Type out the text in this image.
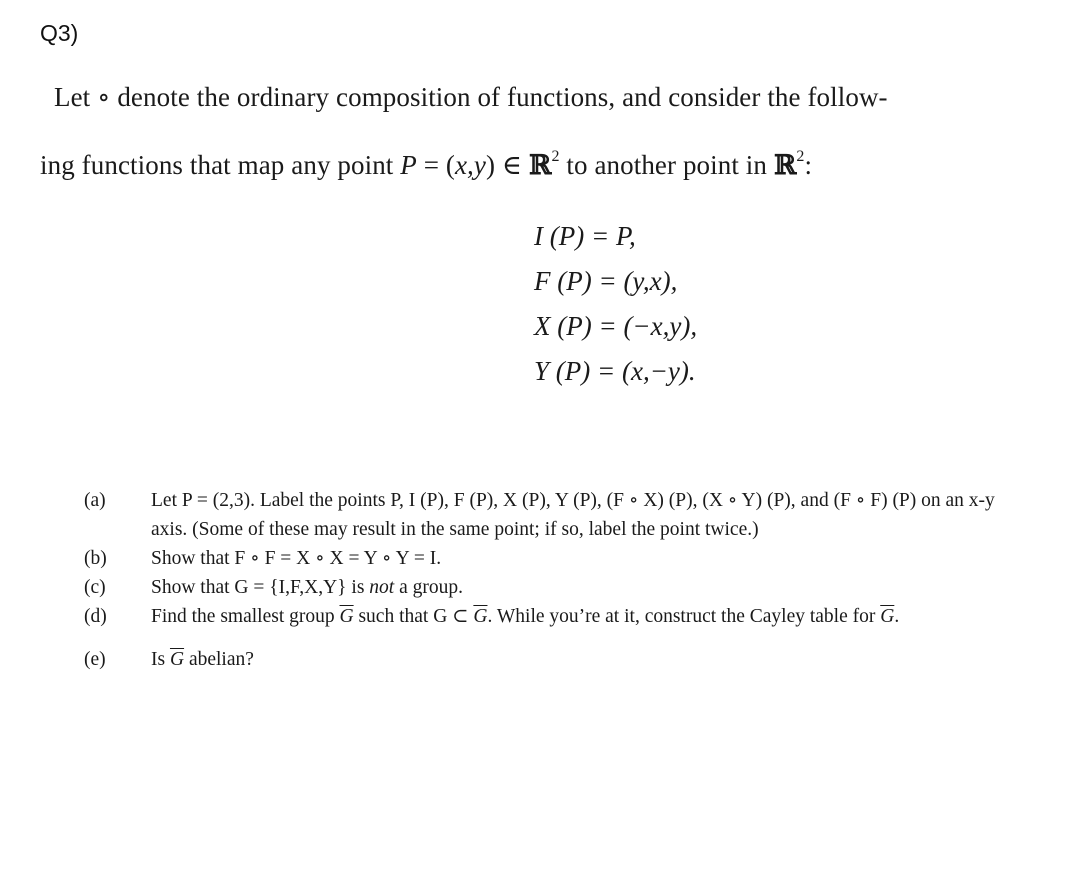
Q3)
Let ∘ denote the ordinary composition of functions, and consider the follow-
ing functions that map any point P = (x,y) ∈ ℝ$^2$ to another point in ℝ$^2$:
I (P) = P,
F (P) = (y,x),
X (P) = (−x,y),
Y (P) = (x,−y).
(a)	Let P = (2,3). Label the points P, I (P), F (P), X (P), Y (P), (F ∘ X) (P), (X ∘ Y) (P), and (F ∘ F) (P) on an x-y axis. (Some of these may result in the same point; if so, label the point twice.)
(b)	Show that F ∘ F = X ∘ X = Y ∘ Y = I.
(c)	Show that G = {I,F,X,Y} is not a group.
(d)	Find the smallest group $\overline{G}$ such that G ⊂ $\overline{G}$. While you’re at it, construct the Cayley table for $\overline{G}$.
(e)	Is $\overline{G}$ abelian?
